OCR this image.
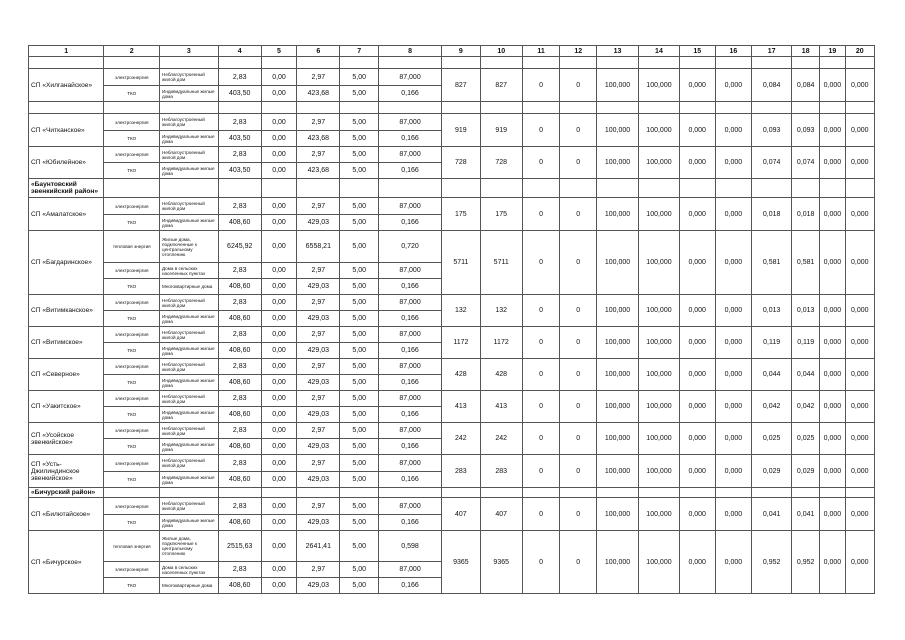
1	2	3	4	5	6	7	8	9	10	11	12	13	14	15	16	17	18	19	20

СП «Хилганайское»	электроэнергия	Неблагоустроенный жилой дом	2,83	0,00	2,97	5,00	87,000	827	827	0	0	100,000	100,000	0,000	0,000	0,084	0,084	0,000	0,000
	ТКО	Индивидуальные жилые дома	403,50	0,00	423,68	5,00	0,166												

СП «Читканское»	электроэнергия	Неблагоустроенный жилой дом	2,83	0,00	2,97	5,00	87,000	919	919	0	0	100,000	100,000	0,000	0,000	0,093	0,093	0,000	0,000
	ТКО	Индивидуальные жилые дома	403,50	0,00	423,68	5,00	0,166												
СП «Юбилейное»	электроэнергия	Неблагоустроенный жилой дом	2,83	0,00	2,97	5,00	87,000	728	728	0	0	100,000	100,000	0,000	0,000	0,074	0,074	0,000	0,000
	ТКО	Индивидуальные жилые дома	403,50	0,00	423,68	5,00	0,166												
«Баунтовский эвенкийский район»																			
СП «Амалатское»	электроэнергия	Неблагоустроенный жилой дом	2,83	0,00	2,97	5,00	87,000	175	175	0	0	100,000	100,000	0,000	0,000	0,018	0,018	0,000	0,000
	ТКО	Индивидуальные жилые дома	408,60	0,00	429,03	5,00	0,166												
СП «Багдаринское»	тепловая энергия	Жилые дома, подключенные к центральному отоплению	6245,92	0,00	6558,21	5,00	0,720	5711	5711	0	0	100,000	100,000	0,000	0,000	0,581	0,581	0,000	0,000
	электроэнергия	Дома в сельских населенных пунктах	2,83	0,00	2,97	5,00	87,000												
	ТКО	Многоквартирные дома	408,60	0,00	429,03	5,00	0,166												
СП «Витимканское»	электроэнергия	Неблагоустроенный жилой дом	2,83	0,00	2,97	5,00	87,000	132	132	0	0	100,000	100,000	0,000	0,000	0,013	0,013	0,000	0,000
	ТКО	Индивидуальные жилые дома	408,60	0,00	429,03	5,00	0,166												
СП «Витимское»	электроэнергия	Неблагоустроенный жилой дом	2,83	0,00	2,97	5,00	87,000	1172	1172	0	0	100,000	100,000	0,000	0,000	0,119	0,119	0,000	0,000
	ТКО	Индивидуальные жилые дома	408,60	0,00	429,03	5,00	0,166												
СП «Северное»	электроэнергия	Неблагоустроенный жилой дом	2,83	0,00	2,97	5,00	87,000	428	428	0	0	100,000	100,000	0,000	0,000	0,044	0,044	0,000	0,000
	ТКО	Индивидуальные жилые дома	408,60	0,00	429,03	5,00	0,166												
СП «Уакитское»	электроэнергия	Неблагоустроенный жилой дом	2,83	0,00	2,97	5,00	87,000	413	413	0	0	100,000	100,000	0,000	0,000	0,042	0,042	0,000	0,000
	ТКО	Индивидуальные жилые дома	408,60	0,00	429,03	5,00	0,166												
СП «Усойское эвенкийское»	электроэнергия	Неблагоустроенный жилой дом	2,83	0,00	2,97	5,00	87,000	242	242	0	0	100,000	100,000	0,000	0,000	0,025	0,025	0,000	0,000
	ТКО	Индивидуальные жилые дома	408,60	0,00	429,03	5,00	0,166												
СП «Усть-Джилиндинское эвенкийское»	электроэнергия	Неблагоустроенный жилой дом	2,83	0,00	2,97	5,00	87,000	283	283	0	0	100,000	100,000	0,000	0,000	0,029	0,029	0,000	0,000
	ТКО	Индивидуальные жилые дома	408,60	0,00	429,03	5,00	0,166												
«Бичурский район»																			
СП «Билютайское»	электроэнергия	Неблагоустроенный жилой дом	2,83	0,00	2,97	5,00	87,000	407	407	0	0	100,000	100,000	0,000	0,000	0,041	0,041	0,000	0,000
	ТКО	Индивидуальные жилые дома	408,60	0,00	429,03	5,00	0,166												
СП «Бичурское»	тепловая энергия	Жилые дома, подключенные к центральному отоплению	2515,63	0,00	2641,41	5,00	0,598	9365	9365	0	0	100,000	100,000	0,000	0,000	0,952	0,952	0,000	0,000
	электроэнергия	Дома в сельских населенных пунктах	2,83	0,00	2,97	5,00	87,000												
	ТКО	Многоквартирные дома	408,60	0,00	429,03	5,00	0,166												
